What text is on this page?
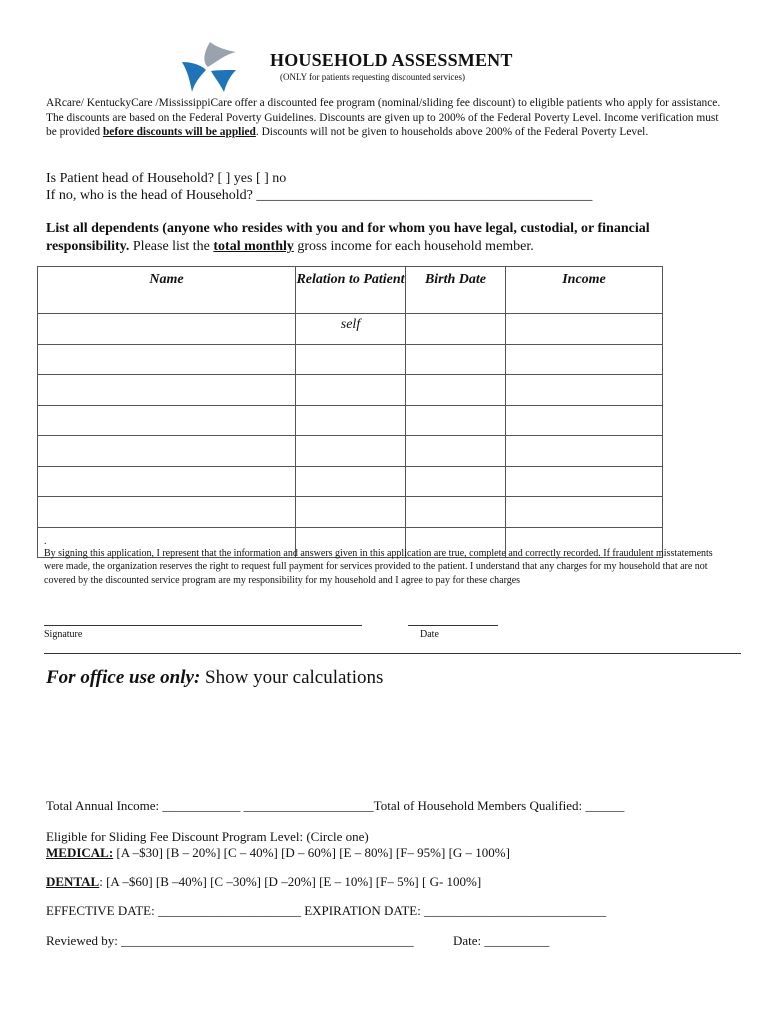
HOUSEHOLD ASSESSMENT
(ONLY for patients requesting discounted services)
ARcare/ KentuckyCare /MississippiCare offer a discounted fee program (nominal/sliding fee discount) to eligible patients who apply for assistance. The discounts are based on the Federal Poverty Guidelines. Discounts are given up to 200% of the Federal Poverty Level. Income verification must be provided before discounts will be applied. Discounts will not be given to households above 200% of the Federal Poverty Level.
Is Patient head of Household? [ ] yes [ ] no
If no, who is the head of Household? ________________________________________________
List all dependents (anyone who resides with you and for whom you have legal, custodial, or financial responsibility. Please list the total monthly gross income for each household member.
Name	Relation to Patient	Birth Date	Income
	self		

.
By signing this application, I represent that the information and answers given in this application are true, complete and correctly recorded. If fraudulent misstatements were made, the organization reserves the right to request full payment for services provided to the patient. I understand that any charges for my household that are not covered by the discounted service program are my responsibility for my household and I agree to pay for these charges
Signature	Date
For office use only: Show your calculations
Total Annual Income: ____________ ____________________Total of Household Members Qualified: ______
Eligible for Sliding Fee Discount Program Level: (Circle one)
MEDICAL: [A –$30] [B – 20%] [C – 40%] [D – 60%] [E – 80%] [F– 95%] [G – 100%]
DENTAL: [A –$60] [B –40%] [C –30%] [D –20%] [E – 10%] [F– 5%] [ G- 100%]
EFFECTIVE DATE: ______________________ EXPIRATION DATE: ____________________________
Reviewed by: _____________________________________________	Date: __________
